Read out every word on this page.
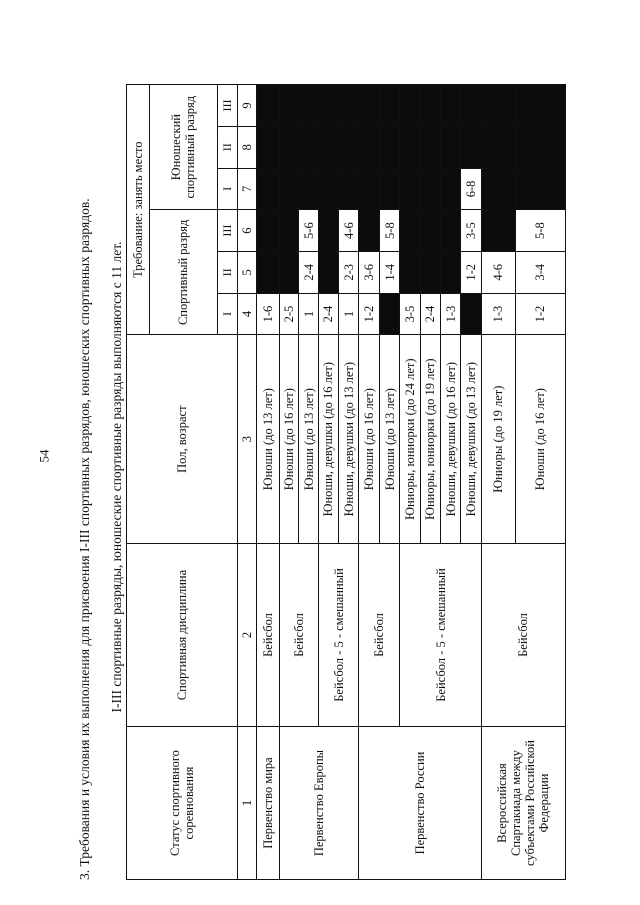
54 3. Требования и условия их выполнения для присвоения I-III спортивных разрядов, юношеских спортивных разрядов. I-III спортивные разряды, юношеские спортивные разряды выполняются с 11 лет.
Статус спортивного соревнования	Спортивная дисциплина	Пол, возраст	Требование: занять место					
			Спортивный разряд			Юношеский спортивный разряд		
			I	II	III	I	II	III
1	2	3	4	5	6	7	8	9
Первенство мира	Бейсбол	Юноши (до 13 лет)	1-6					
Первенство Европы	Бейсбол	Юноши (до 16 лет)	2-5					
		Юноши (до 13 лет)	1	2-4	5-6			
	Бейсбол - 5 - смешанный	Юноши, девушки (до 16 лет)	2-4					
		Юноши, девушки (до 13 лет)	1	2-3	4-6			
Первенство России	Бейсбол	Юноши (до 16 лет)	1-2	3-6				
		Юноши (до 13 лет)		1-4	5-8			
	Бейсбол - 5 - смешанный	Юниоры, юниорки (до 24 лет)	3-5					
		Юниоры, юниорки (до 19 лет)	2-4					
		Юноши, девушки (до 16 лет)	1-3					
		Юноши, девушки (до 13 лет)		1-2	3-5	6-8		
Всероссийская Спартакиада между субъектами Российской Федерации	Бейсбол	Юниоры (до 19 лет)	1-3	4-6				
		Юноши (до 16 лет)	1-2	3-4	5-8			
